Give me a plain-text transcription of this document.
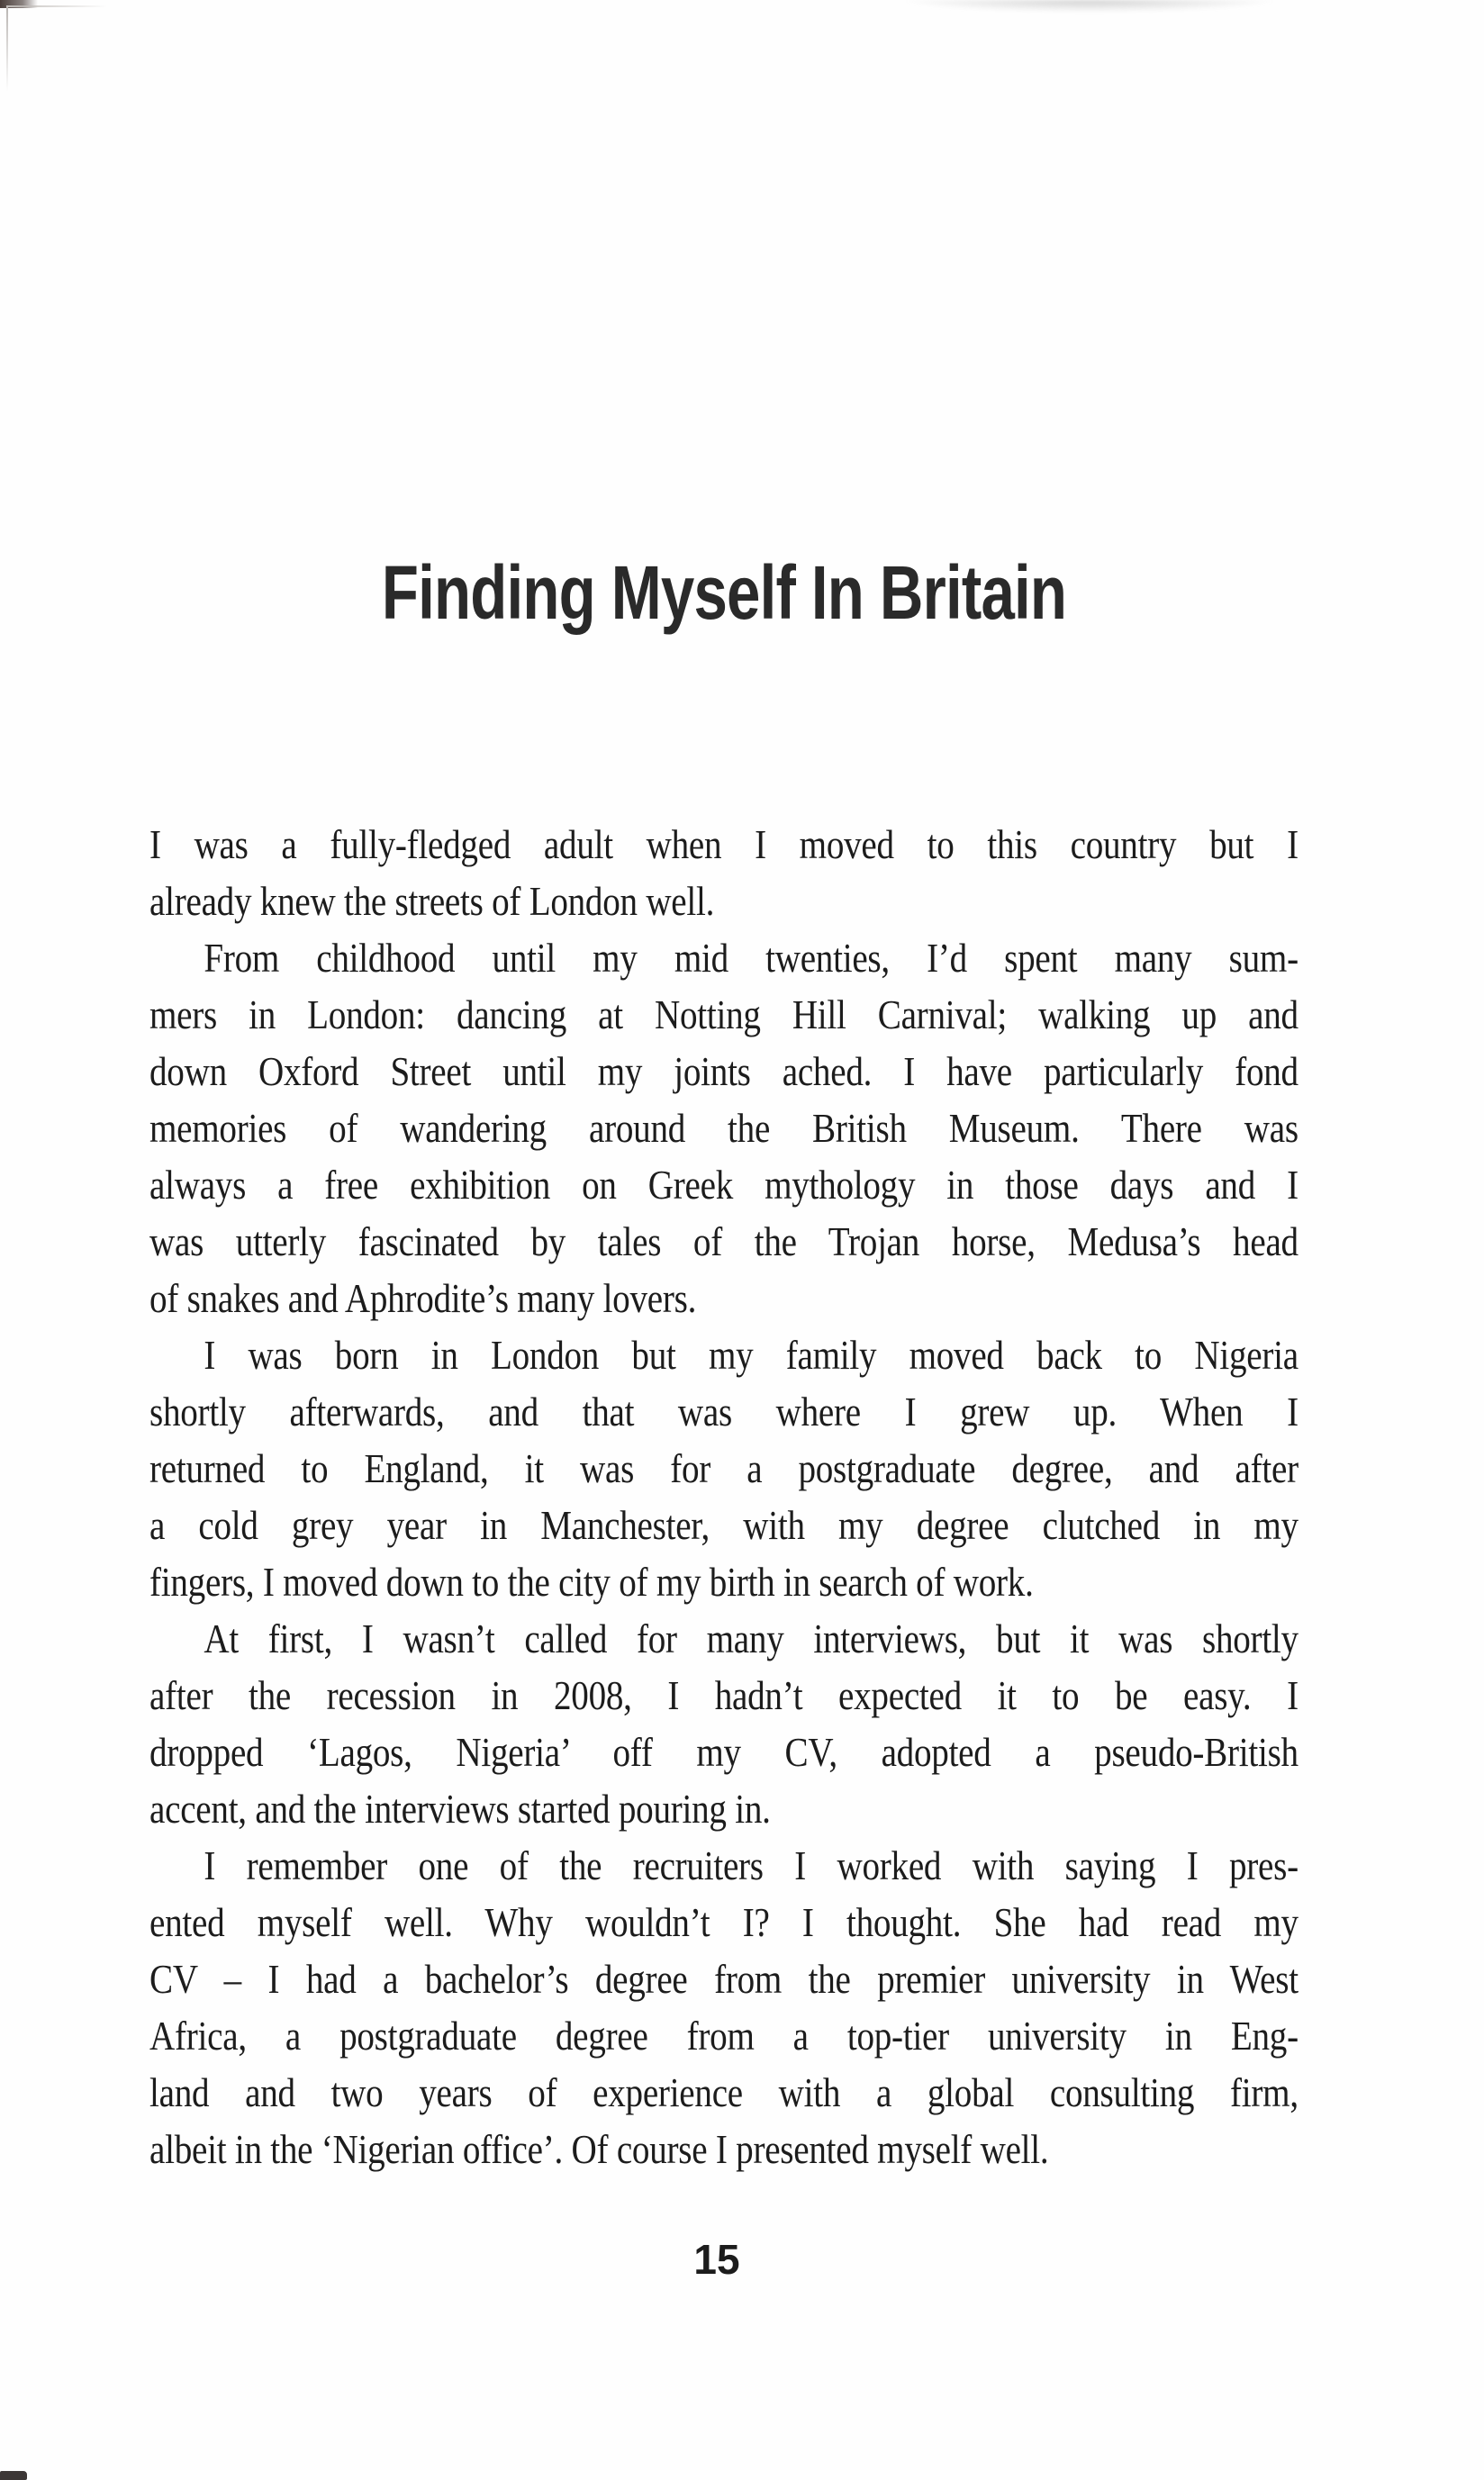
Finding Myself In Britain
I was a fully-fledged adult when I moved to this country but I
already knew the streets of London well.
From childhood until my mid twenties, I’d spent many sum-
mers in London: dancing at Notting Hill Carnival; walking up and
down Oxford Street until my joints ached. I have particularly fond
memories of wandering around the British Museum. There was
always a free exhibition on Greek mythology in those days and I
was utterly fascinated by tales of the Trojan horse, Medusa’s head
of snakes and Aphrodite’s many lovers.
I was born in London but my family moved back to Nigeria
shortly afterwards, and that was where I grew up. When I
returned to England, it was for a postgraduate degree, and after
a cold grey year in Manchester, with my degree clutched in my
fingers, I moved down to the city of my birth in search of work.
At first, I wasn’t called for many interviews, but it was shortly
after the recession in 2008, I hadn’t expected it to be easy. I
dropped ‘Lagos, Nigeria’ off my CV, adopted a pseudo-British
accent, and the interviews started pouring in.
I remember one of the recruiters I worked with saying I pres-
ented myself well. Why wouldn’t I? I thought. She had read my
CV – I had a bachelor’s degree from the premier university in West
Africa, a postgraduate degree from a top-tier university in Eng-
land and two years of experience with a global consulting firm,
albeit in the ‘Nigerian office’. Of course I presented myself well.
15
